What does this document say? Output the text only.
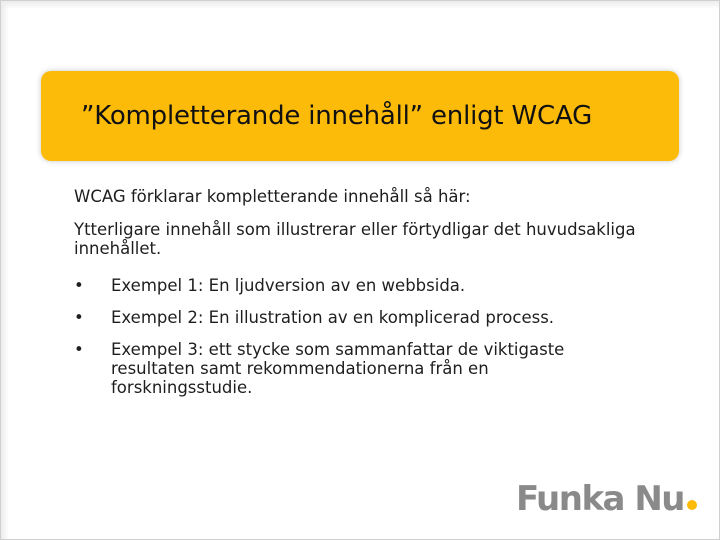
”Kompletterande innehåll” enligt WCAG

WCAG förklarar kompletterande innehåll så här:

Ytterligare innehåll som illustrerar eller förtydligar det huvudsakliga innehållet.

•	Exempel 1: En ljudversion av en webbsida.
•	Exempel 2: En illustration av en komplicerad process.
•	Exempel 3: ett stycke som sammanfattar de viktigaste resultaten samt rekommendationerna från en forskningsstudie.
Funka Nu
